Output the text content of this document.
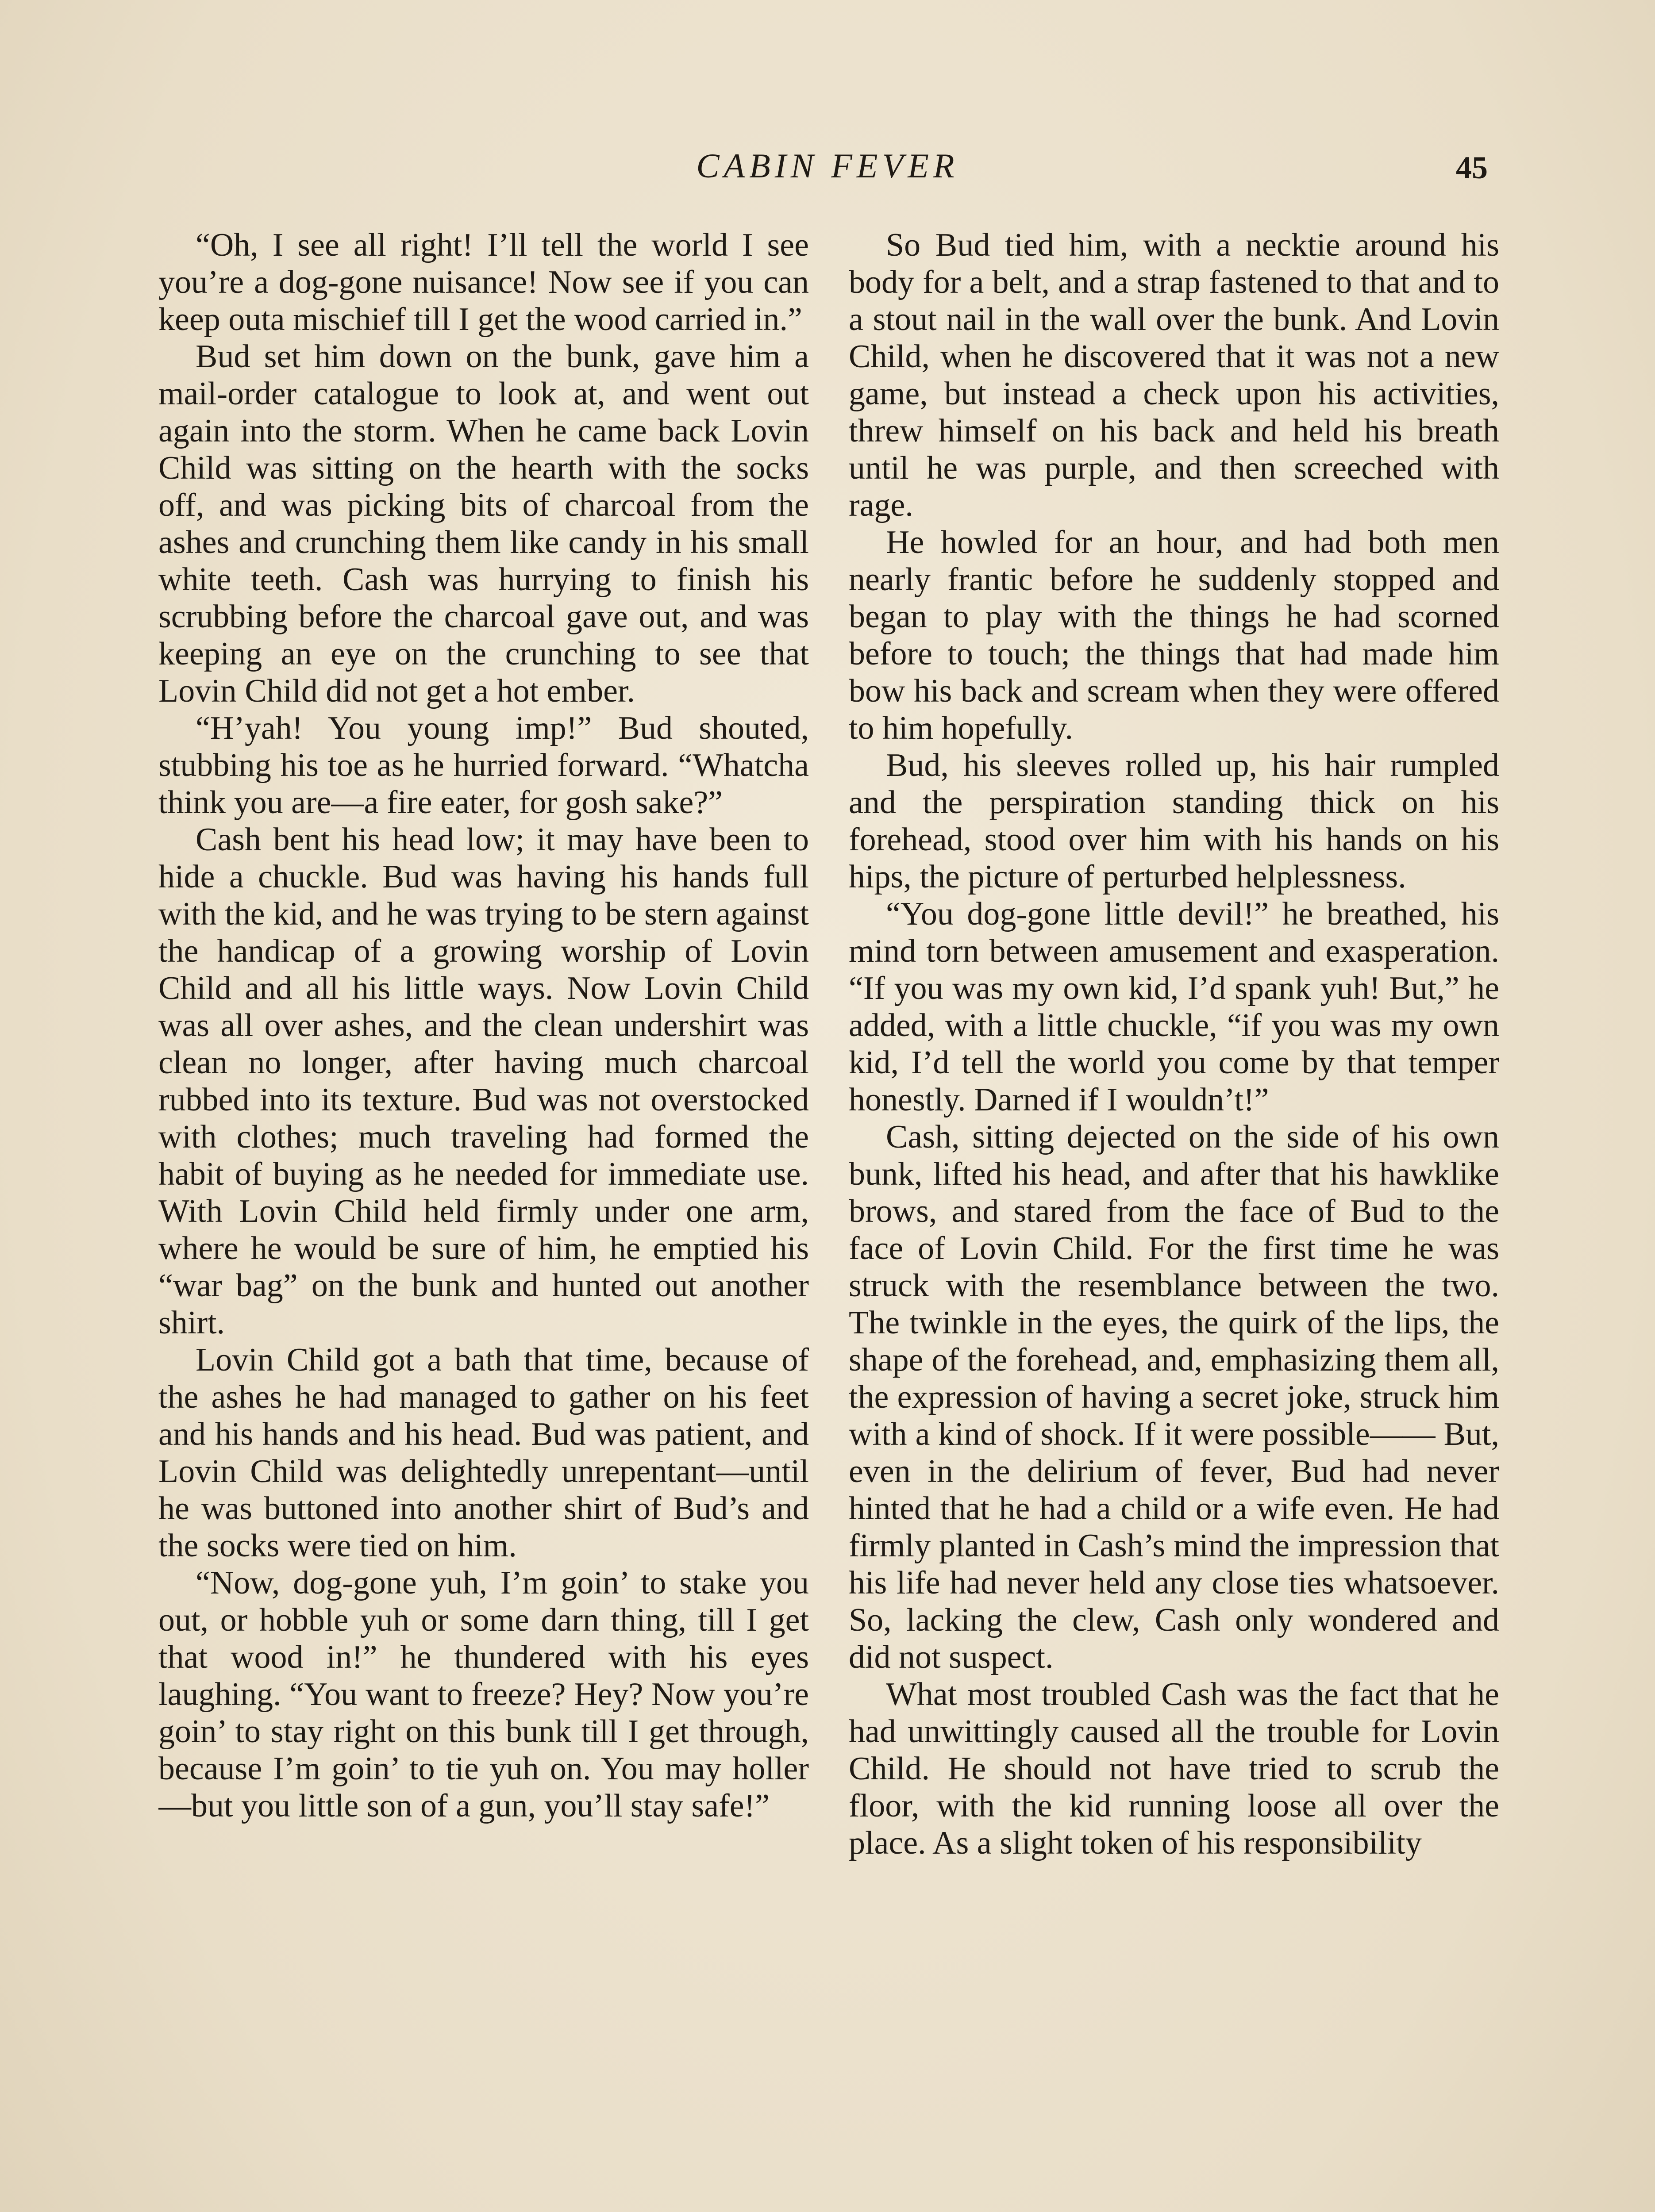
CABIN FEVER	45

“Oh, I see all right! I’ll tell the world I see you’re a dog-gone nuisance! Now see if you can keep outa mischief till I get the wood carried in.”

Bud set him down on the bunk, gave him a mail-order catalogue to look at, and went out again into the storm. When he came back Lovin Child was sitting on the hearth with the socks off, and was picking bits of charcoal from the ashes and crunching them like candy in his small white teeth. Cash was hurrying to finish his scrubbing before the charcoal gave out, and was keeping an eye on the crunching to see that Lovin Child did not get a hot ember.

“H’yah! You young imp!” Bud shouted, stubbing his toe as he hurried forward. “Whatcha think you are—a fire eater, for gosh sake?”

Cash bent his head low; it may have been to hide a chuckle. Bud was having his hands full with the kid, and he was trying to be stern against the handicap of a growing worship of Lovin Child and all his little ways. Now Lovin Child was all over ashes, and the clean undershirt was clean no longer, after having much charcoal rubbed into its texture. Bud was not overstocked with clothes; much traveling had formed the habit of buying as he needed for immediate use. With Lovin Child held firmly under one arm, where he would be sure of him, he emptied his “war bag” on the bunk and hunted out another shirt.

Lovin Child got a bath that time, because of the ashes he had managed to gather on his feet and his hands and his head. Bud was patient, and Lovin Child was delightedly unrepentant—until he was buttoned into another shirt of Bud’s and the socks were tied on him.

“Now, dog-gone yuh, I’m goin’ to stake you out, or hobble yuh or some darn thing, till I get that wood in!” he thundered with his eyes laughing. “You want to freeze? Hey? Now you’re goin’ to stay right on this bunk till I get through, because I’m goin’ to tie yuh on. You may holler—but you little son of a gun, you’ll stay safe!”

So Bud tied him, with a necktie around his body for a belt, and a strap fastened to that and to a stout nail in the wall over the bunk. And Lovin Child, when he discovered that it was not a new game, but instead a check upon his activities, threw himself on his back and held his breath until he was purple, and then screeched with rage.

He howled for an hour, and had both men nearly frantic before he suddenly stopped and began to play with the things he had scorned before to touch; the things that had made him bow his back and scream when they were offered to him hopefully.

Bud, his sleeves rolled up, his hair rumpled and the perspiration standing thick on his forehead, stood over him with his hands on his hips, the picture of perturbed helplessness.

“You dog-gone little devil!” he breathed, his mind torn between amusement and exasperation. “If you was my own kid, I’d spank yuh! But,” he added, with a little chuckle, “if you was my own kid, I’d tell the world you come by that temper honestly. Darned if I wouldn’t!”

Cash, sitting dejected on the side of his own bunk, lifted his head, and after that his hawklike brows, and stared from the face of Bud to the face of Lovin Child. For the first time he was struck with the resemblance between the two. The twinkle in the eyes, the quirk of the lips, the shape of the forehead, and, emphasizing them all, the expression of having a secret joke, struck him with a kind of shock. If it were possible—— But, even in the delirium of fever, Bud had never hinted that he had a child or a wife even. He had firmly planted in Cash’s mind the impression that his life had never held any close ties whatsoever. So, lacking the clew, Cash only wondered and did not suspect.

What most troubled Cash was the fact that he had unwittingly caused all the trouble for Lovin Child. He should not have tried to scrub the floor, with the kid running loose all over the place. As a slight token of his responsibility
